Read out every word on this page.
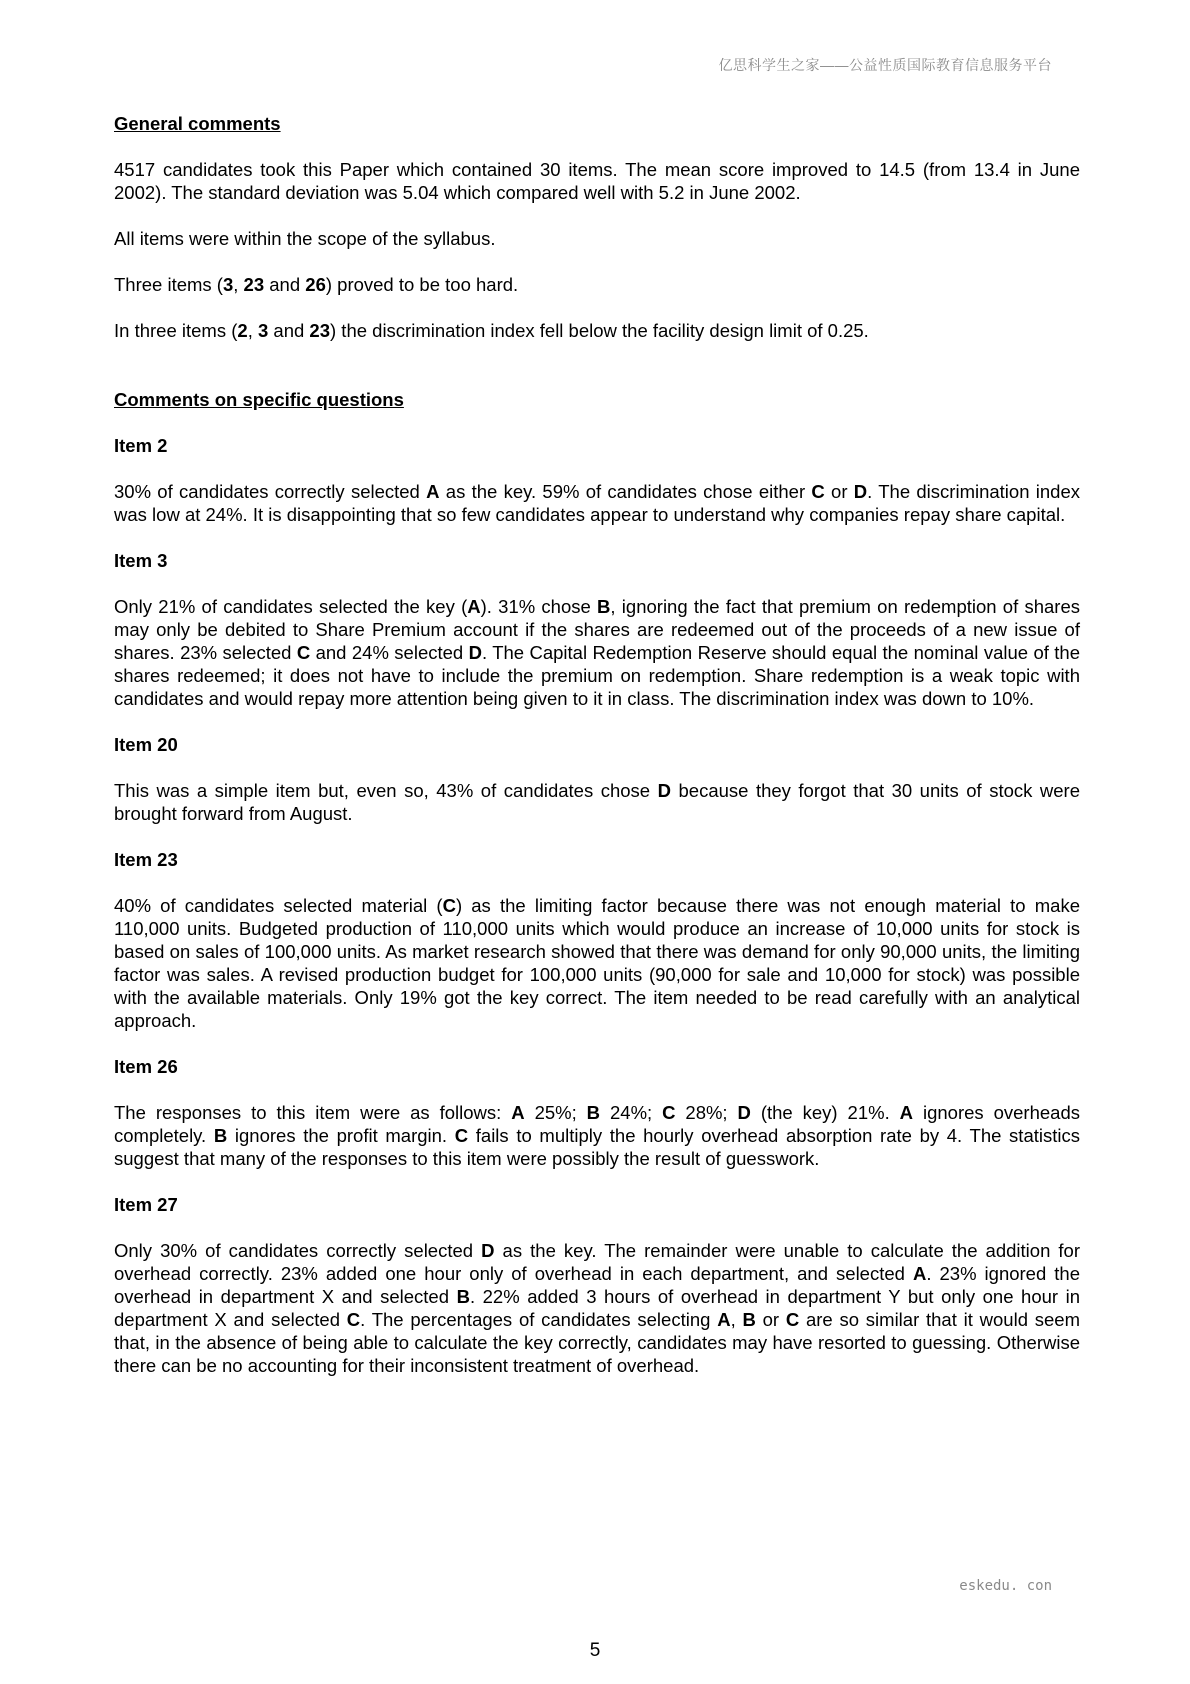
亿思科学生之家——公益性质国际教育信息服务平台
General comments

4517 candidates took this Paper which contained 30 items. The mean score improved to 14.5 (from 13.4 in June 2002). The standard deviation was 5.04 which compared well with 5.2 in June 2002.

All items were within the scope of the syllabus.

Three items (3, 23 and 26) proved to be too hard.

In three items (2, 3 and 23) the discrimination index fell below the facility design limit of 0.25.

Comments on specific questions
Item 2

30% of candidates correctly selected A as the key. 59% of candidates chose either C or D. The discrimination index was low at 24%. It is disappointing that so few candidates appear to understand why companies repay share capital.

Item 3

Only 21% of candidates selected the key (A). 31% chose B, ignoring the fact that premium on redemption of shares may only be debited to Share Premium account if the shares are redeemed out of the proceeds of a new issue of shares. 23% selected C and 24% selected D. The Capital Redemption Reserve should equal the nominal value of the shares redeemed; it does not have to include the premium on redemption. Share redemption is a weak topic with candidates and would repay more attention being given to it in class. The discrimination index was down to 10%.

Item 20

This was a simple item but, even so, 43% of candidates chose D because they forgot that 30 units of stock were brought forward from August.

Item 23

40% of candidates selected material (C) as the limiting factor because there was not enough material to make 110,000 units. Budgeted production of 110,000 units which would produce an increase of 10,000 units for stock is based on sales of 100,000 units. As market research showed that there was demand for only 90,000 units, the limiting factor was sales. A revised production budget for 100,000 units (90,000 for sale and 10,000 for stock) was possible with the available materials. Only 19% got the key correct. The item needed to be read carefully with an analytical approach.

Item 26

The responses to this item were as follows: A 25%; B 24%; C 28%; D (the key) 21%. A ignores overheads completely. B ignores the profit margin. C fails to multiply the hourly overhead absorption rate by 4. The statistics suggest that many of the responses to this item were possibly the result of guesswork.

Item 27

Only 30% of candidates correctly selected D as the key. The remainder were unable to calculate the addition for overhead correctly. 23% added one hour only of overhead in each department, and selected A. 23% ignored the overhead in department X and selected B. 22% added 3 hours of overhead in department Y but only one hour in department X and selected C. The percentages of candidates selecting A, B or C are so similar that it would seem that, in the absence of being able to calculate the key correctly, candidates may have resorted to guessing. Otherwise there can be no accounting for their inconsistent treatment of overhead.

eskedu. con
5
